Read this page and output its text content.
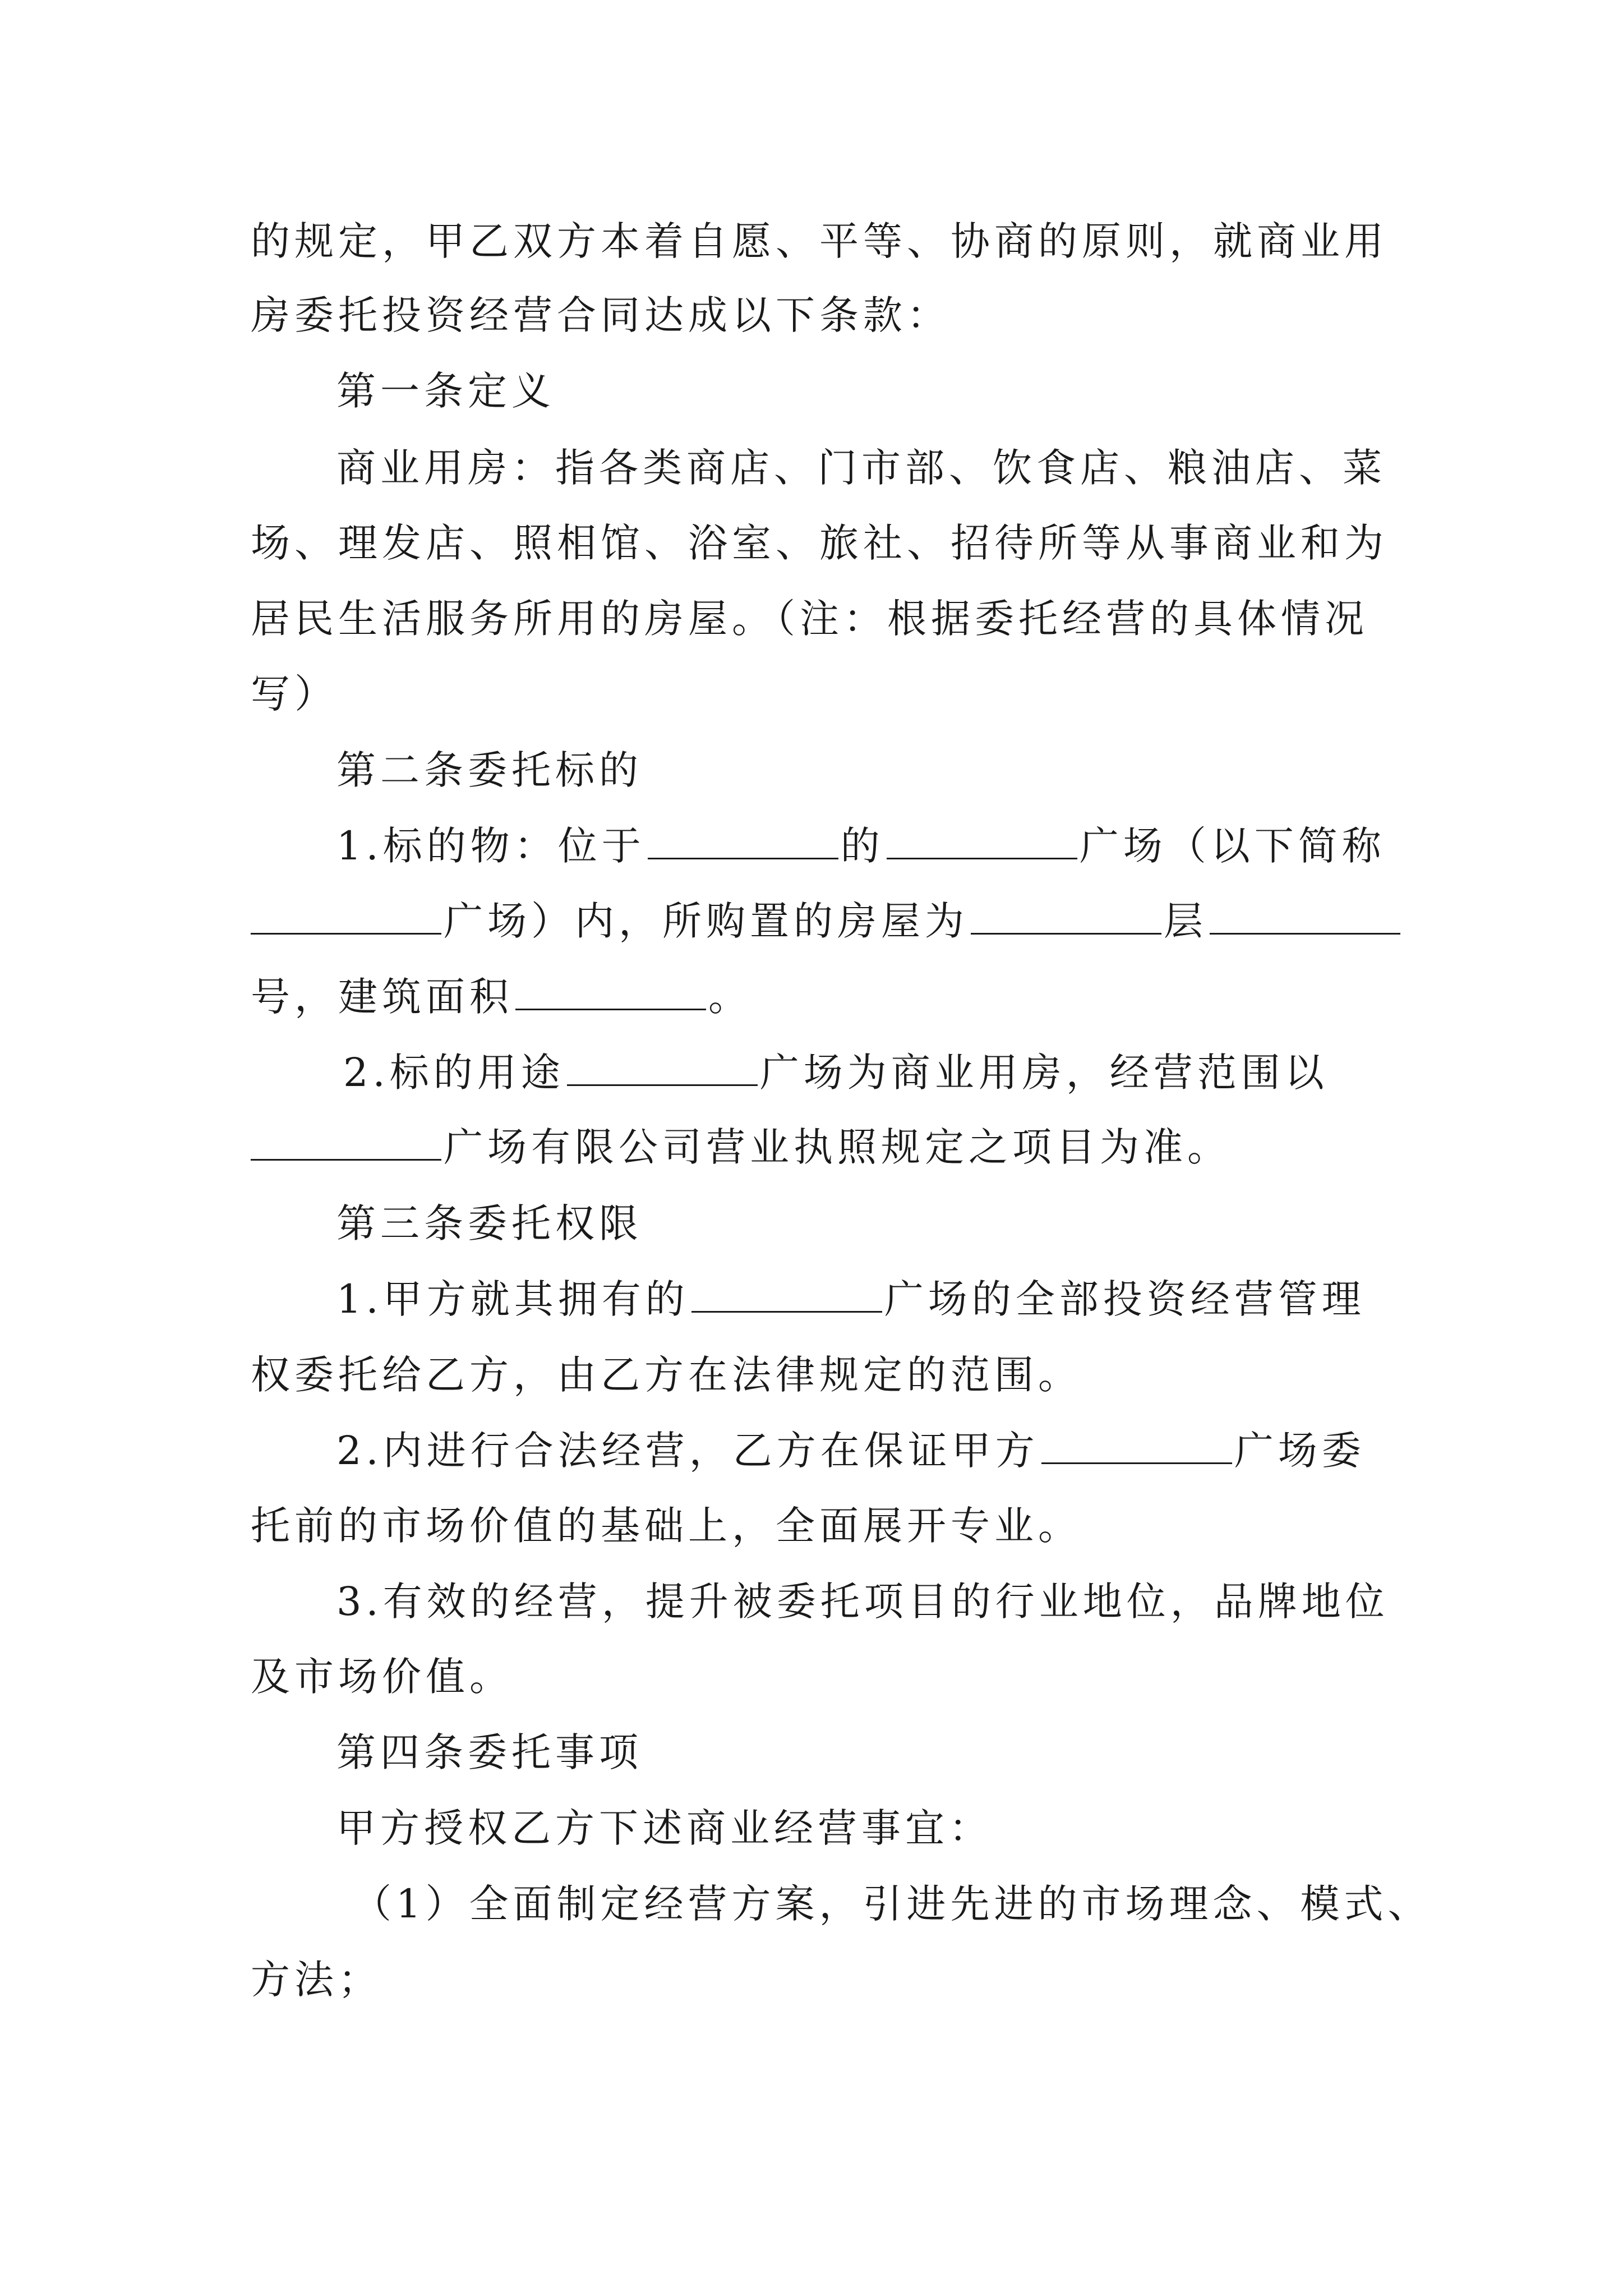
的规定，甲乙双方本着自愿、平等、协商的原则，就商业用
房委托投资经营合同达成以下条款：
第一条定义
商业用房：指各类商店、门市部、饮食店、粮油店、菜
场、理发店、照相馆、浴室、旅社、招待所等从事商业和为
居民生活服务所用的房屋。（注：根据委托经营的具体情况
写）
第二条委托标的
1.标的物：位于	的	广场（以下简称
广场）内，所购置的房屋为	层
号，建筑面积	。
2.标的用途	广场为商业用房，经营范围以
广场有限公司营业执照规定之项目为准。
第三条委托权限
1.甲方就其拥有的	广场的全部投资经营管理
权委托给乙方，由乙方在法律规定的范围。
2.内进行合法经营，乙方在保证甲方	广场委
托前的市场价值的基础上，全面展开专业。
3.有效的经营，提升被委托项目的行业地位，品牌地位
及市场价值。
第四条委托事项
甲方授权乙方下述商业经营事宜：
（1）全面制定经营方案，引进先进的市场理念、模式、
方法；
